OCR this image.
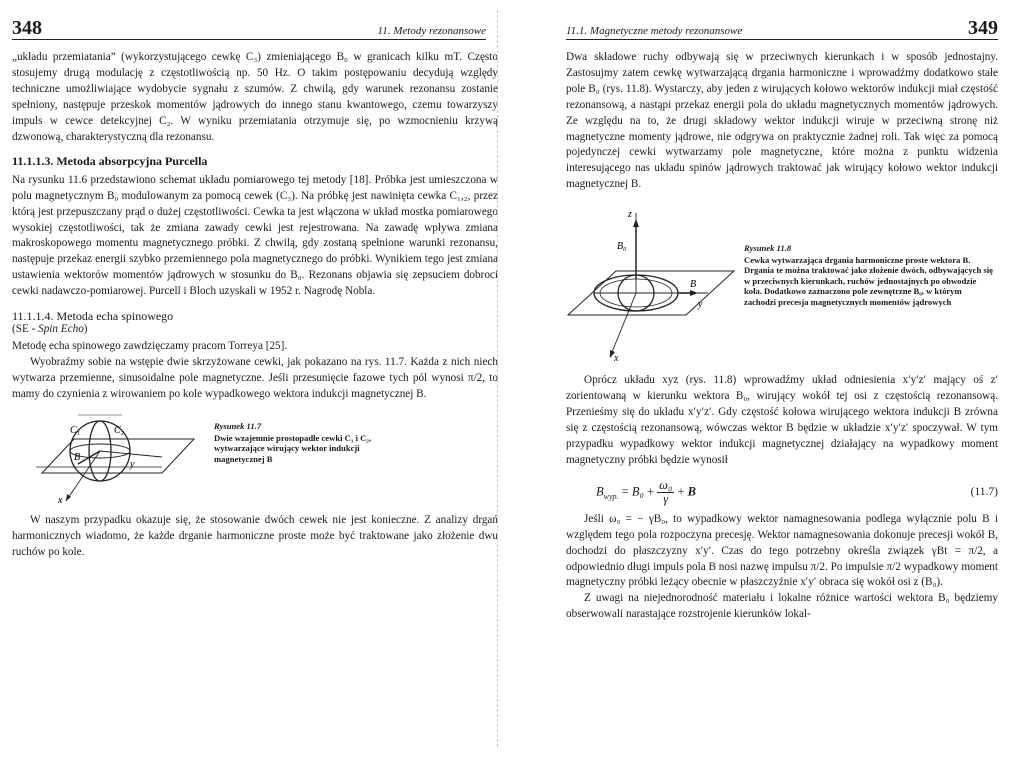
348	11. Metody rezonansowe

„układu przemiatania” (wykorzystującego cewkę C₃) zmieniającego B₀ w granicach kilku mT. Często stosujemy drugą modulację z częstotliwością np. 50 Hz. O takim postępowaniu decydują względy techniczne umożliwiające wydobycie sygnału z szumów. Z chwilą, gdy warunek rezonansu zostanie spełniony, następuje przeskok momentów jądrowych do innego stanu kwantowego, czemu towarzyszy impuls w cewce detekcyjnej C₂. W wyniku przemiatania otrzymuje się, po wzmocnieniu krzywą dzwonową, charakterystyczną dla rezonansu.

11.1.1.3. Metoda absorpcyjna Purcella

Na rysunku 11.6 przedstawiono schemat układu pomiarowego tej metody [18]. Próbka jest umieszczona w polu magnetycznym B₀ modulowanym za pomocą cewek (C₃). Na próbkę jest nawinięta cewka C₁,₂, przez którą jest przepuszczany prąd o dużej częstotliwości. Cewka ta jest włączona w układ mostka pomiarowego wysokiej częstotliwości, tak że zmiana zawady cewki jest rejestrowana. Na zawadę wpływa zmiana makroskopowego momentu magnetycznego próbki. Z chwilą, gdy zostaną spełnione warunki rezonansu, następuje przekaz energii szybko przemiennego pola magnetycznego do próbki. Wynikiem tego jest zmiana ustawienia wektorów momentów jądrowych w stosunku do B₀. Rezonans objawia się zepsuciem dobroci cewki nadawczo-pomiarowej. Purcell i Bloch uzyskali w 1952 r. Nagrodę Nobla.

11.1.1.4. Metoda echa spinowego
(SE - Spin Echo)

Metodę echa spinowego zawdzięczamy pracom Torreya [25].

Wyobraźmy sobie na wstępie dwie skrzyżowane cewki, jak pokazano na rys. 11.7. Każda z nich niech wytwarza przemienne, sinusoidalne pole magnetyczne. Jeśli przesunięcie fazowe tych pól wynosi π/2, to mamy do czynienia z wirowaniem po kole wypadkowego wektora indukcji magnetycznej B.

C₁	C₂
B
y
x
Rysunek 11.7
Dwie wzajemnie prostopadłe cewki C₁ i C₂, wytwarzające wirujący wektor indukcji magnetycznej B

W naszym przypadku okazuje się, że stosowanie dwóch cewek nie jest konieczne. Z analizy drgań harmonicznych wiadomo, że każde drganie harmoniczne proste może być traktowane jako złożenie dwu ruchów po kole.

11.1. Magnetyczne metody rezonansowe	349

Dwa składowe ruchy odbywają się w przeciwnych kierunkach i w sposób jednostajny. Zastosujmy zatem cewkę wytwarzającą drgania harmoniczne i wprowadźmy dodatkowo stałe pole B₀ (rys. 11.8). Wystarczy, aby jeden z wirujących kołowo wektorów indukcji miał częstość rezonansową, a nastąpi przekaz energii pola do układu magnetycznych momentów jądrowych. Ze względu na to, że drugi składowy wektor indukcji wiruje w przeciwną stronę niż magnetyczne momenty jądrowe, nie odgrywa on praktycznie żadnej roli. Tak więc za pomocą pojedynczej cewki wytwarzamy pole magnetyczne, które można z punktu widzenia interesującego nas układu spinów jądrowych traktować jak wirujący kołowo wektor indukcji magnetycznej B.

z
B₀
B
y
x
Rysunek 11.8
Cewka wytwarzająca drgania harmoniczne proste wektora B. Drgania te można traktować jako złożenie dwóch, odbywających się w przeciwnych kierunkach, ruchów jednostajnych po obwodzie koła. Dodatkowo zaznaczono pole zewnętrzne B₀, w którym zachodzi precesja magnetycznych momentów jądrowych

Oprócz układu xyz (rys. 11.8) wprowadźmy układ odniesienia x′y′z′ mający oś z′ zorientowaną w kierunku wektora B₀, wirujący wokół tej osi z częstością rezonansową. Przenieśmy się do układu x′y′z′. Gdy częstość kołowa wirującego wektora indukcji B zrówna się z częstością rezonansową, wówczas wektor B będzie w układzie x′y′z′ spoczywał. W tym przypadku wypadkowy wektor indukcji magnetycznej działający na wypadkowy moment magnetyczny próbki będzie wynosił

$B_{wyp.} = B_0 + \frac{\text{ω₀}}{\gamma} + B$	(11.7)

Jeśli ω₀ = − γB₀, to wypadkowy wektor namagnesowania podlega wyłącznie polu B i względem tego pola rozpoczyna precesję. Wektor namagnesowania dokonuje precesji wokół B, dochodzi do płaszczyzny x′y′. Czas do tego potrzebny określa związek γBt = π/2, a odpowiednio długi impuls pola B nosi nazwę impulsu π/2. Po impulsie π/2 wypadkowy moment magnetyczny próbki leżący obecnie w płaszczyźnie x′y′ obraca się wokół osi z (B₀).

Z uwagi na niejednorodność materiału i lokalne różnice wartości wektora B₀ będziemy obserwowali narastające rozstrojenie kierunków lokal-
